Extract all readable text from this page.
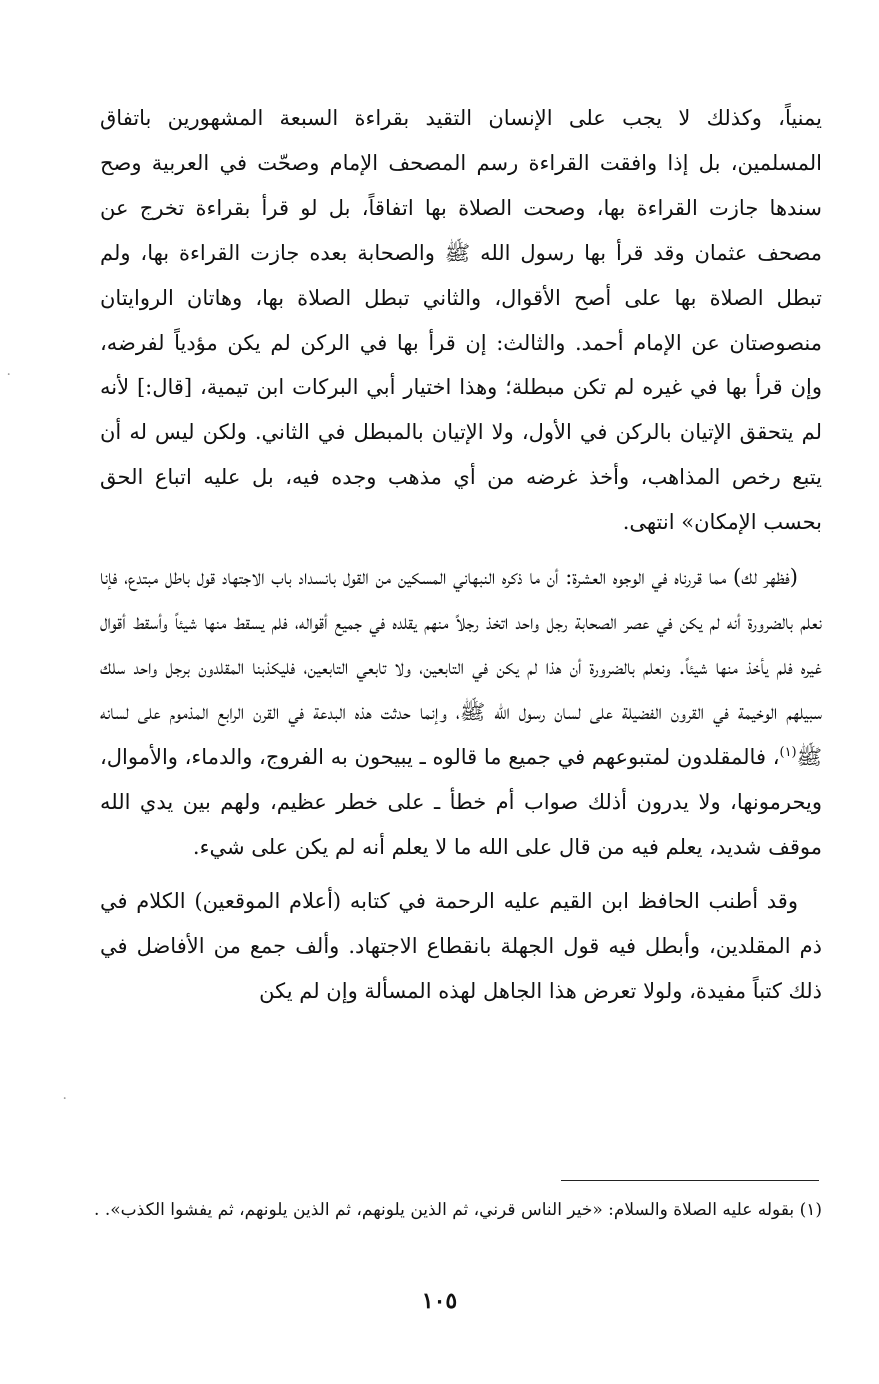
يمنياً، وكذلك لا يجب على الإنسان التقيد بقراءة السبعة المشهورين باتفاق المسلمين، بل إذا وافقت القراءة رسم المصحف الإمام وصحّت في العربية وصح سندها جازت القراءة بها، وصحت الصلاة بها اتفاقاً، بل لو قرأ بقراءة تخرج عن مصحف عثمان وقد قرأ بها رسول الله ﷺ والصحابة بعده جازت القراءة بها، ولم تبطل الصلاة بها على أصح الأقوال، والثاني تبطل الصلاة بها، وهاتان الروايتان منصوصتان عن الإمام أحمد. والثالث: إن قرأ بها في الركن لم يكن مؤدياً لفرضه، وإن قرأ بها في غيره لم تكن مبطلة؛ وهذا اختيار أبي البركات ابن تيمية، [قال:] لأنه لم يتحقق الإتيان بالركن في الأول، ولا الإتيان بالمبطل في الثاني. ولكن ليس له أن يتبع رخص المذاهب، وأخذ غرضه من أي مذهب وجده فيه، بل عليه اتباع الحق بحسب الإمكان» انتهى.

(فظهر لك) مما قررناه في الوجوه العشرة: أن ما ذكره النبهاني المسكين من القول بانسداد باب الاجتهاد قول باطل مبتدع، فإنا نعلم بالضرورة أنه لم يكن في عصر الصحابة رجل واحد اتخذ رجلاً منهم يقلده في جميع أقواله، فلم يسقط منها شيئاً وأسقط أقوال غيره فلم يأخذ منها شيئاً. ونعلم بالضرورة أن هذا لم يكن في التابعين، ولا تابعي التابعين، فليكذبنا المقلدون برجل واحد سلك سبيلهم الوخيمة في القرون الفضيلة على لسان رسول الله ﷺ، وإنما حدثت هذه البدعة في القرن الرابع المذموم على لسانه ﷺ$^{(١)}$، فالمقلدون لمتبوعهم في جميع ما قالوه ـ يبيحون به الفروج، والدماء، والأموال، ويحرمونها، ولا يدرون أذلك صواب أم خطأ ـ على خطر عظيم، ولهم بين يدي الله موقف شديد، يعلم فيه من قال على الله ما لا يعلم أنه لم يكن على شيء.

وقد أطنب الحافظ ابن القيم عليه الرحمة في كتابه (أعلام الموقعين) الكلام في ذم المقلدين، وأبطل فيه قول الجهلة بانقطاع الاجتهاد. وألف جمع من الأفاضل في ذلك كتباً مفيدة، ولولا تعرض هذا الجاهل لهذه المسألة وإن لم يكن

(١) بقوله عليه الصلاة والسلام: «خير الناس قرني، ثم الذين يلونهم، ثم الذين يلونهم، ثم يفشوا الكذب». .

١٠٥

·
·
